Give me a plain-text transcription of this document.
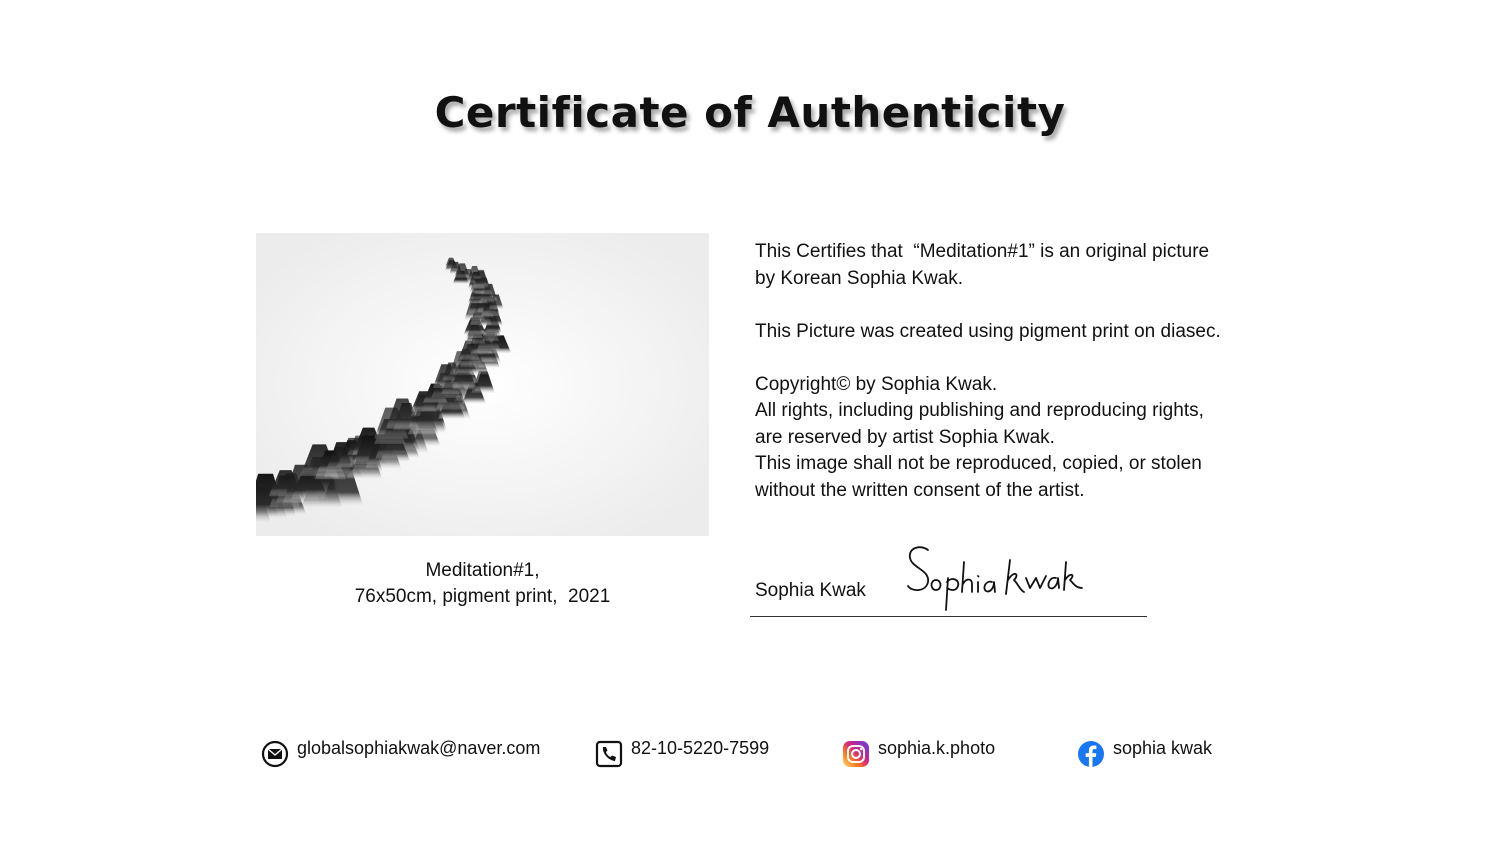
Certificate of Authenticity
Meditation#1,
76x50cm, pigment print,  2021

This Certifies that  “Meditation#1” is an original picture
by Korean Sophia Kwak.

This Picture was created using pigment print on diasec.

Copyright© by Sophia Kwak.
All rights, including publishing and reproducing rights,
are reserved by artist Sophia Kwak.
This image shall not be reproduced, copied, or stolen
without the written consent of the artist.

Sophia Kwak
globalsophiakwak@naver.com	82-10-5220-7599	sophia.k.photo	sophia kwak
